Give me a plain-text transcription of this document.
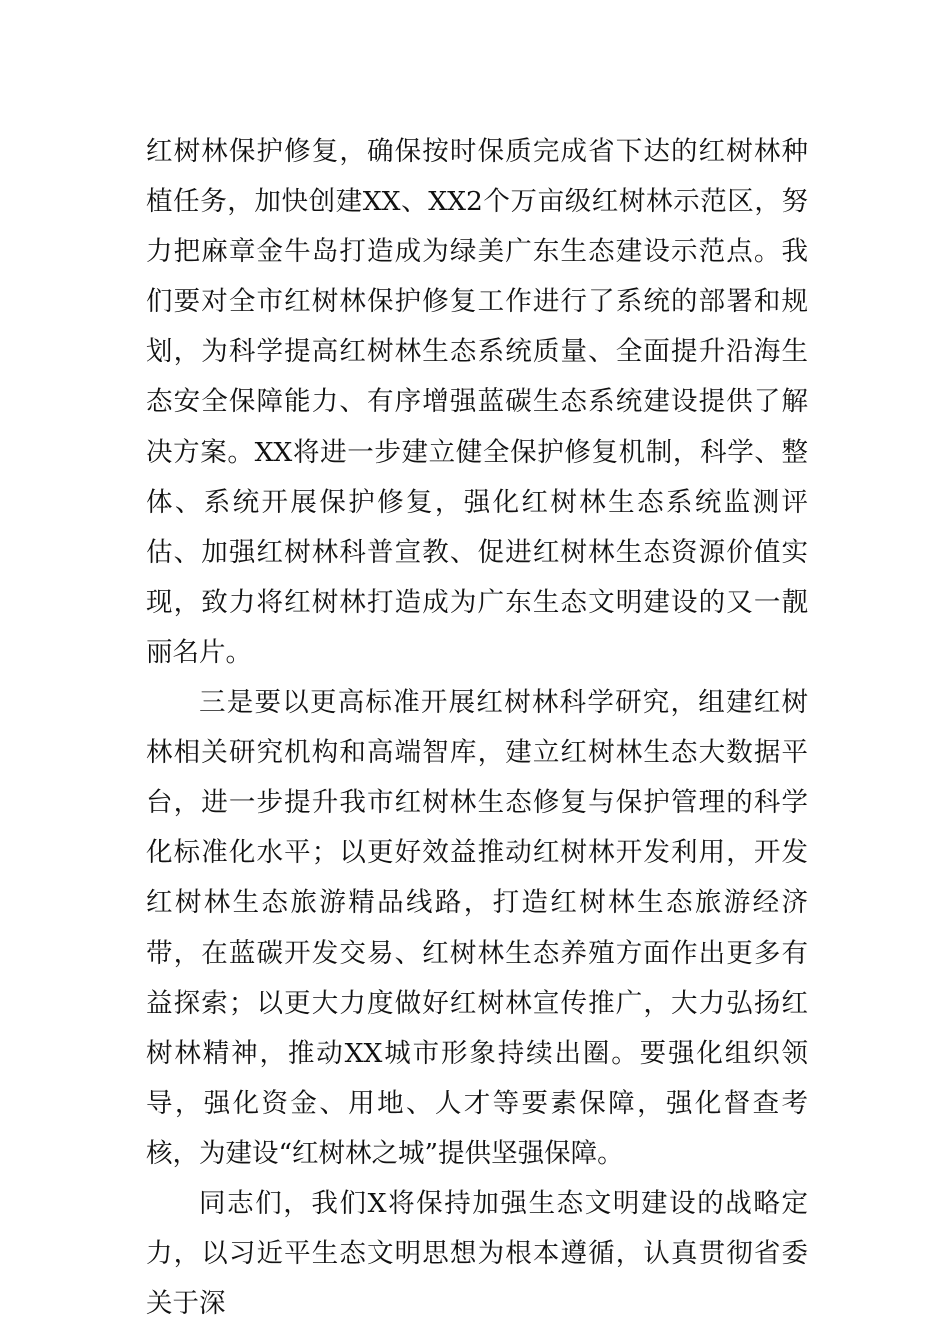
红树林保护修复，确保按时保质完成省下达的红树林种植任务，加快创建XX、XX2个万亩级红树林示范区，努力把麻章金牛岛打造成为绿美广东生态建设示范点。我们要对全市红树林保护修复工作进行了系统的部署和规划，为科学提高红树林生态系统质量、全面提升沿海生态安全保障能力、有序增强蓝碳生态系统建设提供了解决方案。XX将进一步建立健全保护修复机制，科学、整体、系统开展保护修复，强化红树林生态系统监测评估、加强红树林科普宣教、促进红树林生态资源价值实现，致力将红树林打造成为广东生态文明建设的又一靓丽名片。

三是要以更高标准开展红树林科学研究，组建红树林相关研究机构和高端智库，建立红树林生态大数据平台，进一步提升我市红树林生态修复与保护管理的科学化标准化水平；以更好效益推动红树林开发利用，开发红树林生态旅游精品线路，打造红树林生态旅游经济带，在蓝碳开发交易、红树林生态养殖方面作出更多有益探索；以更大力度做好红树林宣传推广，大力弘扬红树林精神，推动XX城市形象持续出圈。要强化组织领导，强化资金、用地、人才等要素保障，强化督查考核，为建设“红树林之城”提供坚强保障。

同志们，我们X将保持加强生态文明建设的战略定力，以习近平生态文明思想为根本遵循，认真贯彻省委关于深
